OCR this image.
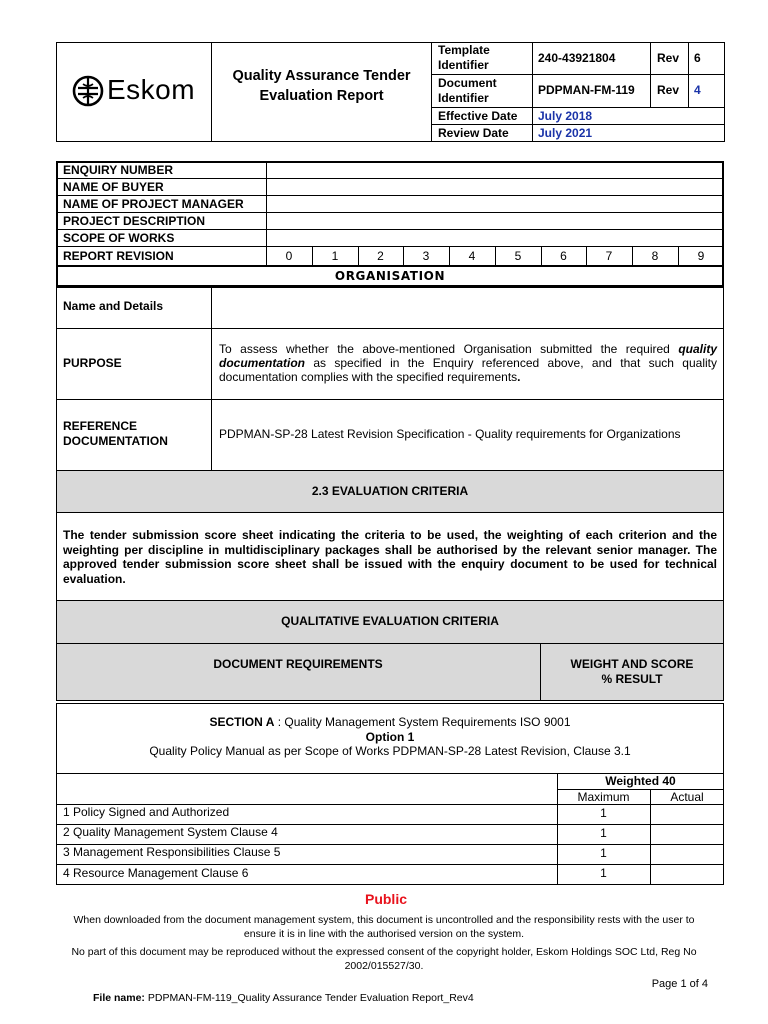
Eskom	Quality Assurance Tender
Evaluation Report
Template
Identifier	240-43921804	Rev 6
Document
Identifier
PDPMAN-FM-119 Rev 4
Effective Date July 2018
Review Date July 2021
ENQUIRY NUMBER
NAME OF BUYER
NAME OF PROJECT MANAGER
PROJECT DESCRIPTION
SCOPE OF WORKS
REPORT REVISION	0	1	2	3	4	5	6	7	8	9
ORGANISATION
Name and Details
PURPOSE
To assess whether the above-mentioned Organisation submitted the required quality documentation as specified in the Enquiry referenced above, and that such quality documentation complies with the specified requirements.
REFERENCE
DOCUMENTATION	PDPMAN-SP-28 Latest Revision Specification - Quality requirements for Organizations
2.3 EVALUATION CRITERIA
The tender submission score sheet indicating the criteria to be used, the weighting of each criterion and the weighting per discipline in multidisciplinary packages shall be authorised by the relevant senior manager. The approved tender submission score sheet shall be issued with the enquiry document to be used for technical evaluation.
QUALITATIVE EVALUATION CRITERIA
DOCUMENT REQUIREMENTS	WEIGHT AND SCORE
% RESULT
SECTION A : Quality Management System Requirements ISO 9001
Option 1
Quality Policy Manual as per Scope of Works PDPMAN-SP-28 Latest Revision, Clause 3.1
Weighted 40
Maximum	Actual
1 Policy Signed and Authorized	1
2 Quality Management System Clause 4	1
3 Management Responsibilities Clause 5	1
4 Resource Management Clause 6	1
Public
When downloaded from the document management system, this document is uncontrolled and the responsibility rests with the user to ensure it is in line with the authorised version on the system.
No part of this document may be reproduced without the expressed consent of the copyright holder, Eskom Holdings SOC Ltd, Reg No 2002/015527/30.
Page 1 of 4
File name: PDPMAN-FM-119_Quality Assurance Tender Evaluation Report_Rev4
